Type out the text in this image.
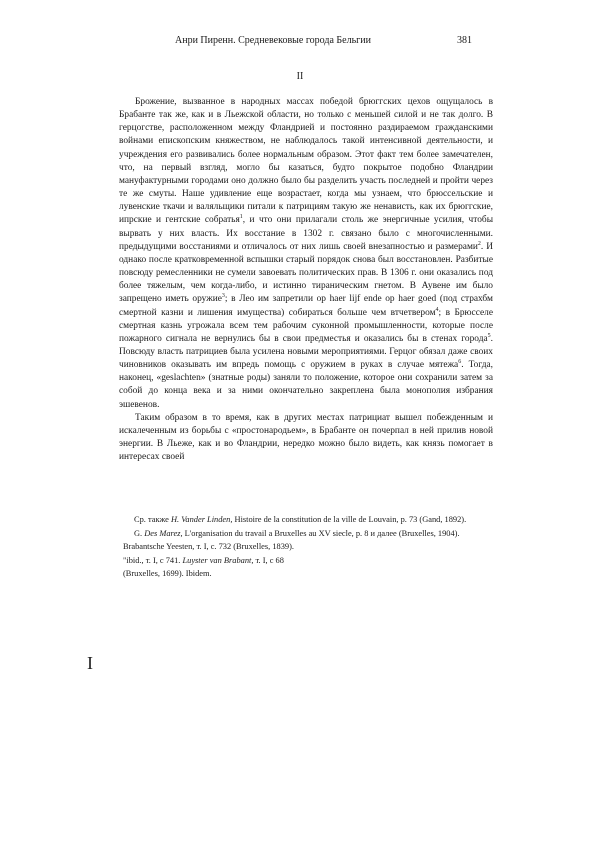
Анри Пиренн. Средневековые города Бельгии	381
II

Брожение, вызванное в народных массах победой брюггских цехов ощущалось в Брабанте так же, как и в Льежской области, но только с меньшей силой и не так долго. В герцогстве, расположенном между Фландрией и постоянно раздираемом гражданскими войнами епископским княжеством, не наблюдалось такой интенсивной деятельности, и учреждения его развивались более нормальным образом. Этот факт тем более замечателен, что, на первый взгляд, могло бы казаться, будто покрытое подобно Фландрии мануфактурными городами оно должно было бы разделить участь последней и пройти через те же смуты. Наше удивление еще возрастает, когда мы узнаем, что брюссельские и лувенские ткачи и валяльщики питали к патрициям такую же ненависть, как их брюггские, ипрские и гентские собратья$^1$, и что они прилагали столь же энергичные усилия, чтобы вырвать у них власть. Их восстание в 1302 г. связано было с многочисленными. предыдущими восстаниями и отличалось от них лишь своей внезапностью и размерами$^2$. И однако после кратковременной вспышки старый порядок снова был восстановлен. Разбитые повсюду ремесленники не сумели завоевать политических прав. В 1306 г. они оказались под более тяжелым, чем когда-либо, и истинно тираническим гнетом. В Аувене им было запрещено иметь оружие$^3$; в Лео им запретили ор haer lijf ende op haer goed (под страхбм смертной казни и лишения имущества) собираться больше чем втчетвером$^4$; в Брюсселе смертная казнь угрожала всем тем рабочим суконной промышленности, которые после пожарного сигнала не вернулись бы в свои предместья и оказались бы в стенах города$^5$. Повсюду власть патрициев была усилена новыми мероприятиями. Герцог обязал даже своих чиновников оказывать им впредь помощь с оружием в руках в случае мятежа$^6$. Тогда, наконец, «geslachten» (знатные роды) заняли то положение, которое они сохранили затем за собой до конца века и за ними окончательно закреплена была монополия избрания эшевенов.

Таким образом в то время, как в других местах патрициат вышел побежденным и искалеченным из борьбы с «простонародьем», в Брабанте он почерпал в ней прилив новой энергии. В Льеже, как и во Фландрии, нередко можно было видеть, как князь помогает в интересах своей

Ср. также H. Vander Linden, Histoire de la constitution de la ville de Louvain, p. 73 (Gand, 1892).

G. Des Marez, L'organisation du travail a Bruxelles au XV siecle, p. 8 и далее (Bruxelles, 1904).

Brabantsche Yeesten, т. I, с. 732 (Bruxelles, 1839).

"ibid., т. I, с 741. Luyster van Brabant, т. I, с 68

(Bruxelles, 1699). Ibidem.

I
